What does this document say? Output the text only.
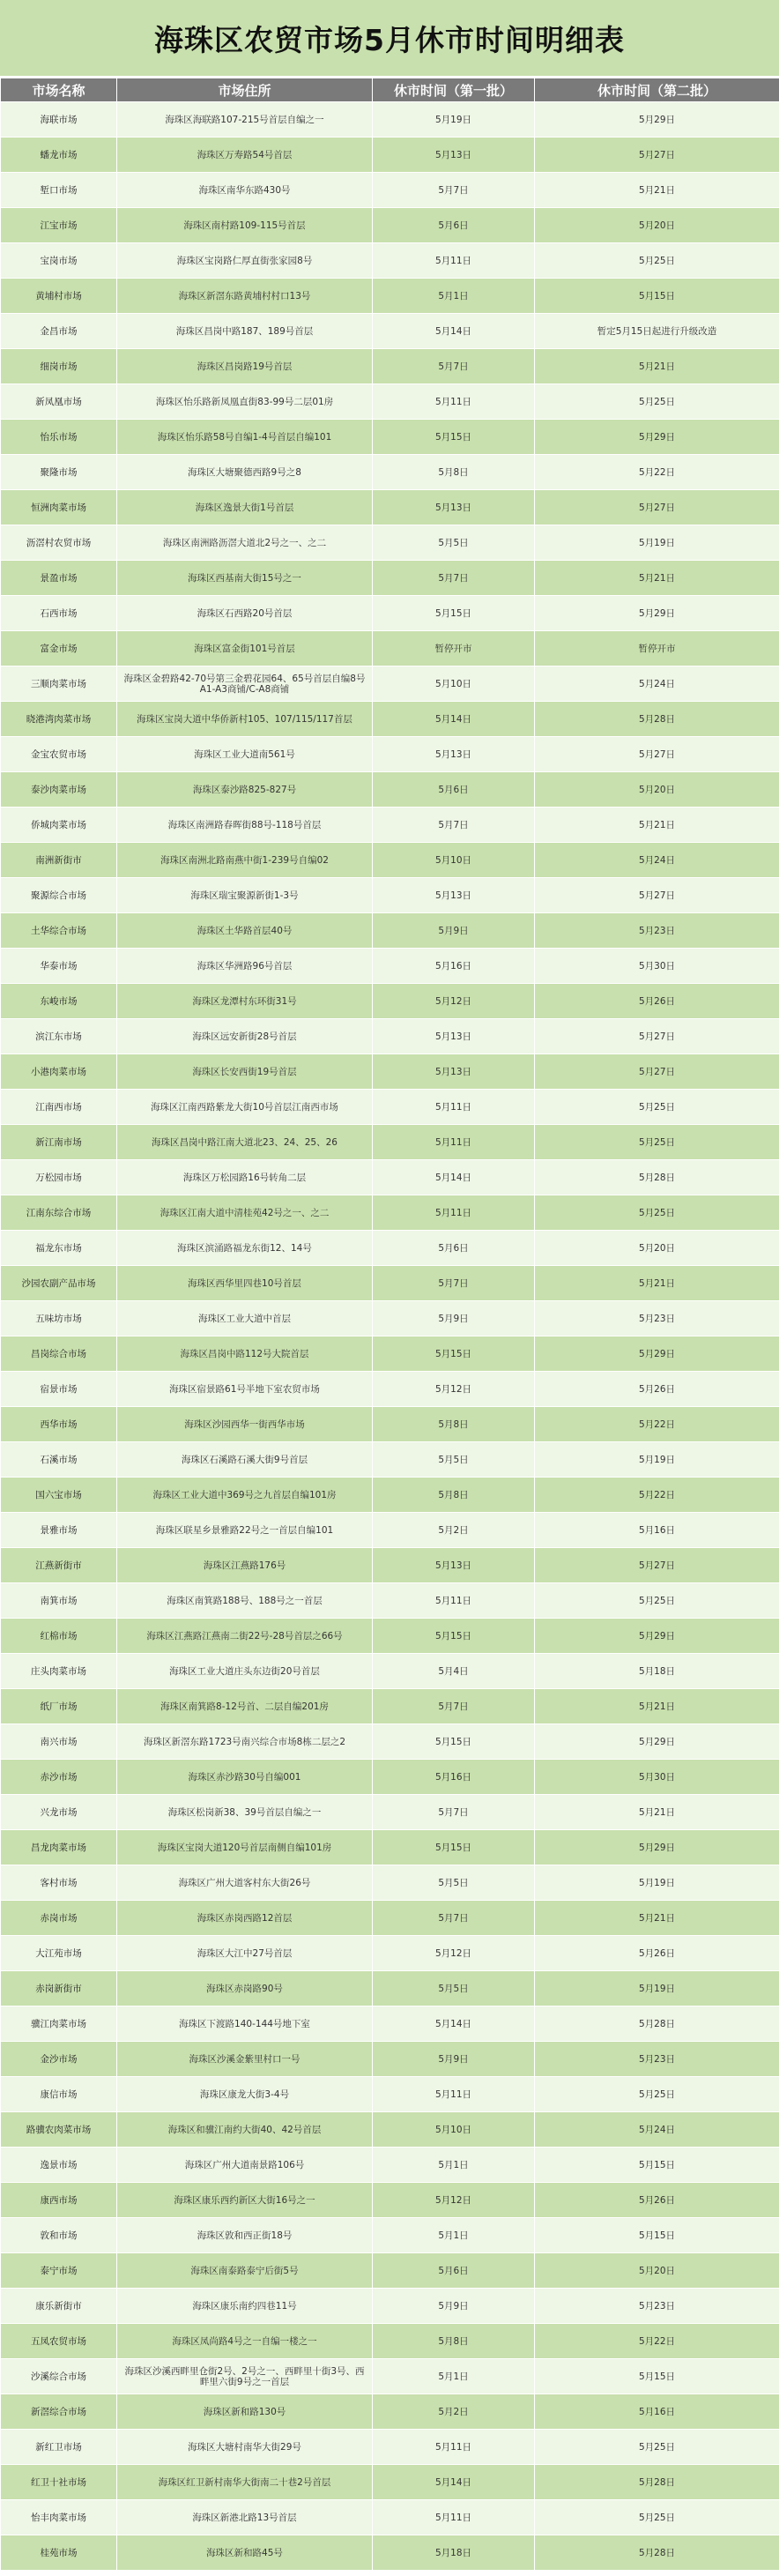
海珠区农贸市场5月休市时间明细表
市场名称	市场住所	休市时间（第一批）	休市时间（第二批）
海联市场	海珠区海联路107-215号首层自编之一	5月19日	5月29日
蟠龙市场	海珠区万寿路54号首层	5月13日	5月27日
堑口市场	海珠区南华东路430号	5月7日	5月21日
江宝市场	海珠区南村路109-115号首层	5月6日	5月20日
宝岗市场	海珠区宝岗路仁厚直街张家园8号	5月11日	5月25日
黄埔村市场	海珠区新滘东路黄埔村村口13号	5月1日	5月15日
金昌市场	海珠区昌岗中路187、189号首层	5月14日	暂定5月15日起进行升级改造
细岗市场	海珠区昌岗路19号首层	5月7日	5月21日
新凤凰市场	海珠区怡乐路新凤凰直街83-99号二层01房	5月11日	5月25日
怡乐市场	海珠区怡乐路58号自编1-4号首层自编101	5月15日	5月29日
聚隆市场	海珠区大塘聚德西路9号之8	5月8日	5月22日
恒洲肉菜市场	海珠区逸景大街1号首层	5月13日	5月27日
沥滘村农贸市场	海珠区南洲路沥滘大道北2号之一、之二	5月5日	5月19日
景盈市场	海珠区西基南大街15号之一	5月7日	5月21日
石西市场	海珠区石西路20号首层	5月15日	5月29日
富金市场	海珠区富金街101号首层	暂停开市	暂停开市
三顺肉菜市场	海珠区金碧路42-70号第三金碧花园64、65号首层自编8号A1-A3商铺/C-A8商铺	5月10日	5月24日
晓港湾肉菜市场	海珠区宝岗大道中华侨新村105、107/115/117首层	5月14日	5月28日
金宝农贸市场	海珠区工业大道南561号	5月13日	5月27日
泰沙肉菜市场	海珠区泰沙路825-827号	5月6日	5月20日
侨城肉菜市场	海珠区南洲路春晖街88号-118号首层	5月7日	5月21日
南洲新街市	海珠区南洲北路南燕中街1-239号自编02	5月10日	5月24日
聚源综合市场	海珠区瑞宝聚源新街1-3号	5月13日	5月27日
土华综合市场	海珠区土华路首层40号	5月9日	5月23日
华泰市场	海珠区华洲路96号首层	5月16日	5月30日
东峻市场	海珠区龙潭村东环街31号	5月12日	5月26日
滨江东市场	海珠区远安新街28号首层	5月13日	5月27日
小港肉菜市场	海珠区长安西街19号首层	5月13日	5月27日
江南西市场	海珠区江南西路紫龙大街10号首层江南西市场	5月11日	5月25日
新江南市场	海珠区昌岗中路江南大道北23、24、25、26	5月11日	5月25日
万松园市场	海珠区万松园路16号转角二层	5月14日	5月28日
江南东综合市场	海珠区江南大道中清桂苑42号之一、之二	5月11日	5月25日
福龙东市场	海珠区滨涌路福龙东街12、14号	5月6日	5月20日
沙园农副产品市场	海珠区西华里四巷10号首层	5月7日	5月21日
五味坊市场	海珠区工业大道中首层	5月9日	5月23日
昌岗综合市场	海珠区昌岗中路112号大院首层	5月15日	5月29日
宿景市场	海珠区宿景路61号半地下室农贸市场	5月12日	5月26日
西华市场	海珠区沙园西华一街西华市场	5月8日	5月22日
石溪市场	海珠区石溪路石溪大街9号首层	5月5日	5月19日
国六宝市场	海珠区工业大道中369号之九首层自编101房	5月8日	5月22日
景雅市场	海珠区联星乡景雅路22号之一首层自编101	5月2日	5月16日
江燕新街市	海珠区江燕路176号	5月13日	5月27日
南箕市场	海珠区南箕路188号、188号之一首层	5月11日	5月25日
红棉市场	海珠区江燕路江燕南二街22号-28号首层之66号	5月15日	5月29日
庄头肉菜市场	海珠区工业大道庄头东边街20号首层	5月4日	5月18日
纸厂市场	海珠区南箕路8-12号首、二层自编201房	5月7日	5月21日
南兴市场	海珠区新滘东路1723号南兴综合市场8栋二层之2	5月15日	5月29日
赤沙市场	海珠区赤沙路30号自编001	5月16日	5月30日
兴龙市场	海珠区松岗新38、39号首层自编之一	5月7日	5月21日
昌龙肉菜市场	海珠区宝岗大道120号首层南侧自编101房	5月15日	5月29日
客村市场	海珠区广州大道客村东大街26号	5月5日	5月19日
赤岗市场	海珠区赤岗西路12首层	5月7日	5月21日
大江苑市场	海珠区大江中27号首层	5月12日	5月26日
赤岗新街市	海珠区赤岗路90号	5月5日	5月19日
骥江肉菜市场	海珠区下渡路140-144号地下室	5月14日	5月28日
金沙市场	海珠区沙溪金紫里村口一号	5月9日	5月23日
康信市场	海珠区康龙大街3-4号	5月11日	5月25日
路骥农肉菜市场	海珠区和骥江南约大街40、42号首层	5月10日	5月24日
逸景市场	海珠区广州大道南景路106号	5月1日	5月15日
康西市场	海珠区康乐西约新区大街16号之一	5月12日	5月26日
敦和市场	海珠区敦和西正街18号	5月1日	5月15日
泰宁市场	海珠区南泰路泰宁后街5号	5月6日	5月20日
康乐新街市	海珠区康乐南约四巷11号	5月9日	5月23日
五凤农贸市场	海珠区凤尚路4号之一自编一楼之一	5月8日	5月22日
沙溪综合市场	海珠区沙溪西畔里仓街2号、2号之一、西畔里十街3号、西畔里六街9号之一首层	5月1日	5月15日
新滘综合市场	海珠区新和路130号	5月2日	5月16日
新红卫市场	海珠区大塘村南华大街29号	5月11日	5月25日
红卫十社市场	海珠区红卫新村南华大街南二十巷2号首层	5月14日	5月28日
怡丰肉菜市场	海珠区新港北路13号首层	5月11日	5月25日
桂苑市场	海珠区新和路45号	5月18日	5月28日
